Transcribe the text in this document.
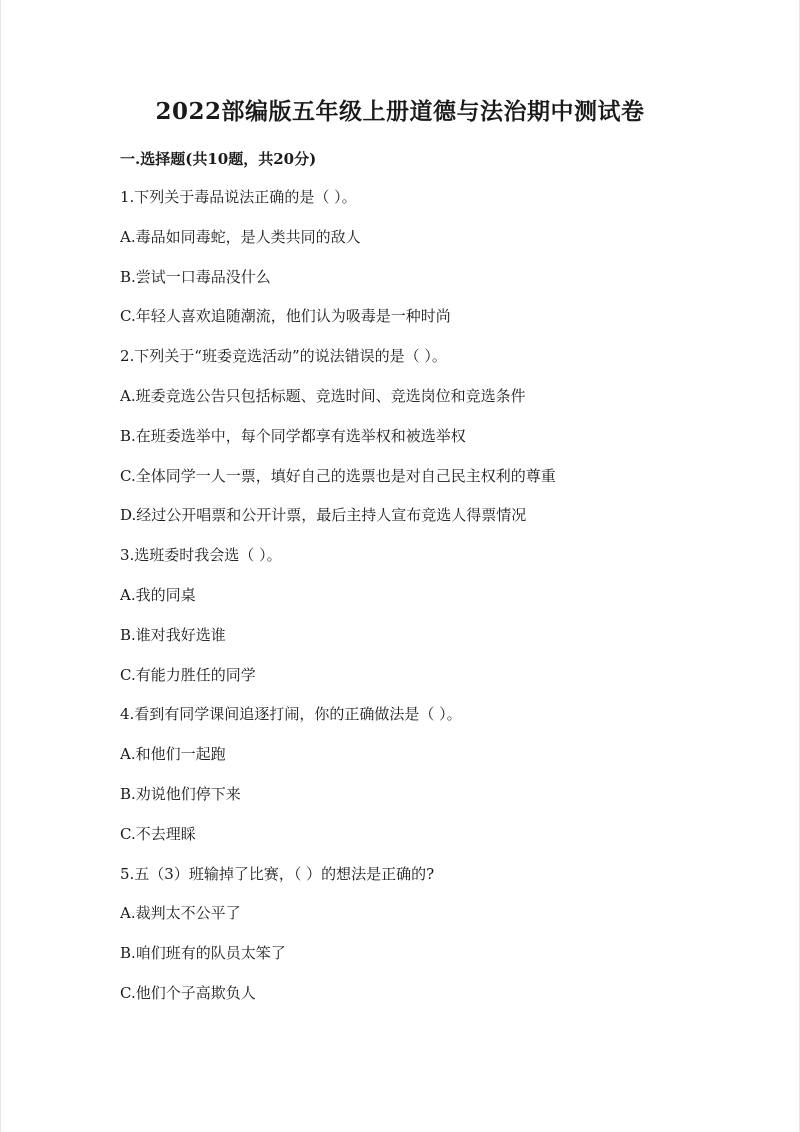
2022部编版五年级上册道德与法治期中测试卷
一.选择题(共10题，共20分)
1.下列关于毒品说法正确的是（ ）。
A.毒品如同毒蛇，是人类共同的敌人
B.尝试一口毒品没什么
C.年轻人喜欢追随潮流，他们认为吸毒是一种时尚
2.下列关于“班委竞选活动”的说法错误的是（ ）。
A.班委竞选公告只包括标题、竞选时间、竞选岗位和竞选条件
B.在班委选举中，每个同学都享有选举权和被选举权
C.全体同学一人一票，填好自己的选票也是对自己民主权利的尊重
D.经过公开唱票和公开计票，最后主持人宣布竞选人得票情况
3.选班委时我会选（ ）。
A.我的同桌
B.谁对我好选谁
C.有能力胜任的同学
4.看到有同学课间追逐打闹，你的正确做法是（ ）。
A.和他们一起跑
B.劝说他们停下来
C.不去理睬
5.五（3）班输掉了比赛，（ ）的想法是正确的?
A.裁判太不公平了
B.咱们班有的队员太笨了
C.他们个子高欺负人
